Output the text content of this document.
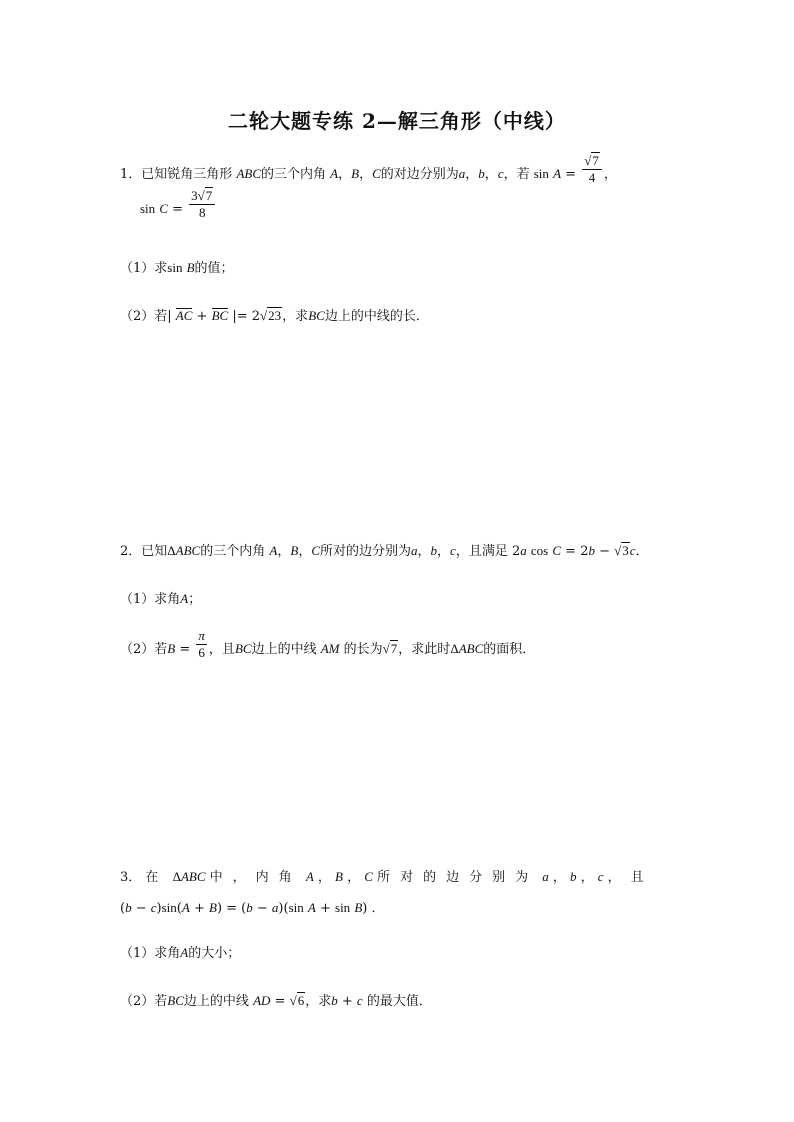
二轮大题专练 2—解三角形（中线）
1．已知锐角三角形 ABC的三个内角 A，B，C的对边分别为a，b，c，若 $\sin A = \frac{√7}{4}$ ，
$\sin C = \frac{3√7}{8}$
（1）求sin B的值；
（2）若| AC + BC |= 2√23，求BC边上的中线的长．
2．已知ΔABC的三个内角 A，B，C所对的边分别为a，b，c，且满足 2a cos C = 2b − √3c．
（1）求角A；
（2）若$B = \frac{\pi}{6}$ ，且BC边上的中线 AM 的长为√7，求此时ΔABC的面积．
3． 在 ΔABC 中，内角 A ， B ， C 所对的边分别为 a ， b ， c ，且
(b − c)sin(A + B) = (b − a)(sin A + sin B) ．
（1）求角A的大小；
（2）若BC边上的中线 AD = √6，求b + c 的最大值．
